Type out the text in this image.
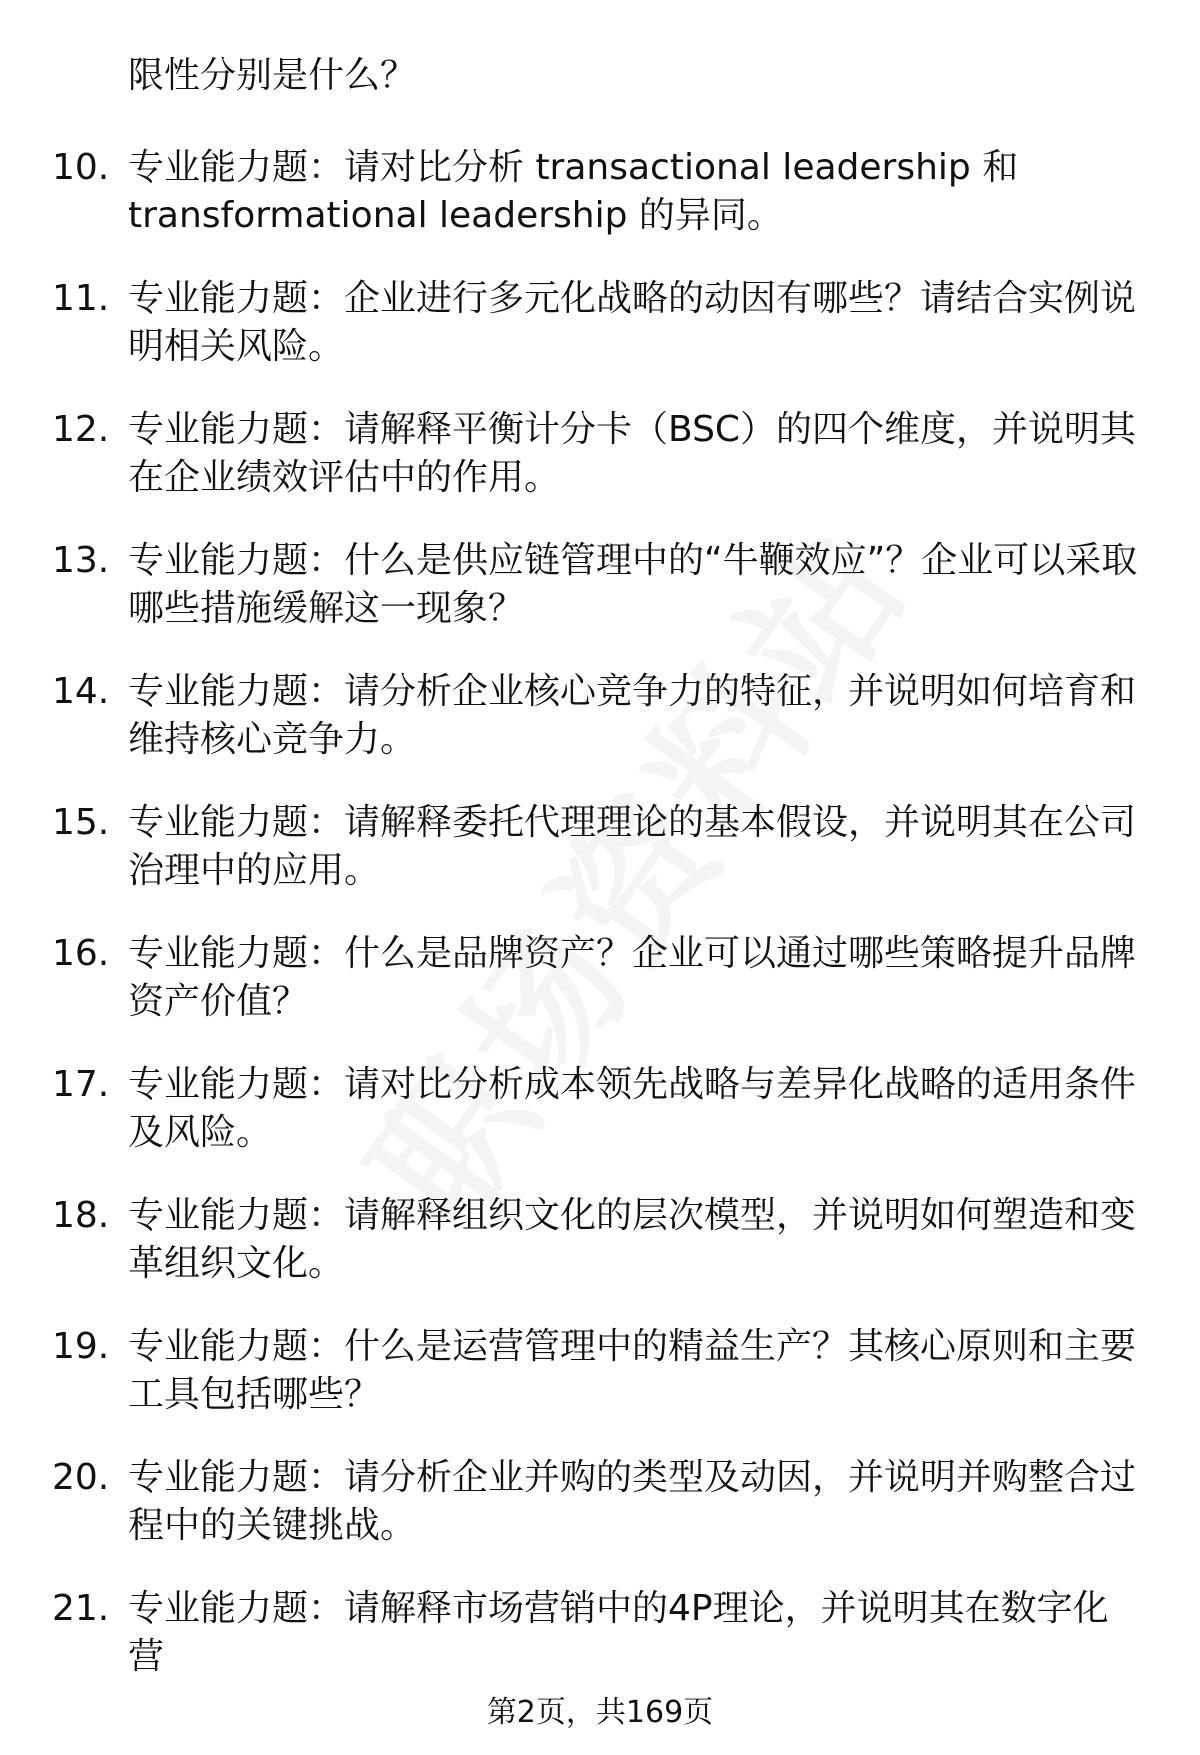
限性分别是什么？
10. 专业能力题：请对比分析 transactional leadership 和 transformational leadership 的异同。
11. 专业能力题：企业进行多元化战略的动因有哪些？请结合实例说明相关风险。
12. 专业能力题：请解释平衡计分卡（BSC）的四个维度，并说明其在企业绩效评估中的作用。
13. 专业能力题：什么是供应链管理中的“牛鞭效应”？企业可以采取哪些措施缓解这一现象？
14. 专业能力题：请分析企业核心竞争力的特征，并说明如何培育和维持核心竞争力。
15. 专业能力题：请解释委托代理理论的基本假设，并说明其在公司治理中的应用。
16. 专业能力题：什么是品牌资产？企业可以通过哪些策略提升品牌资产价值？
17. 专业能力题：请对比分析成本领先战略与差异化战略的适用条件及风险。
18. 专业能力题：请解释组织文化的层次模型，并说明如何塑造和变革组织文化。
19. 专业能力题：什么是运营管理中的精益生产？其核心原则和主要工具包括哪些？
20. 专业能力题：请分析企业并购的类型及动因，并说明并购整合过程中的关键挑战。
21. 专业能力题：请解释市场营销中的4P理论，并说明其在数字化营
第2页，共169页
